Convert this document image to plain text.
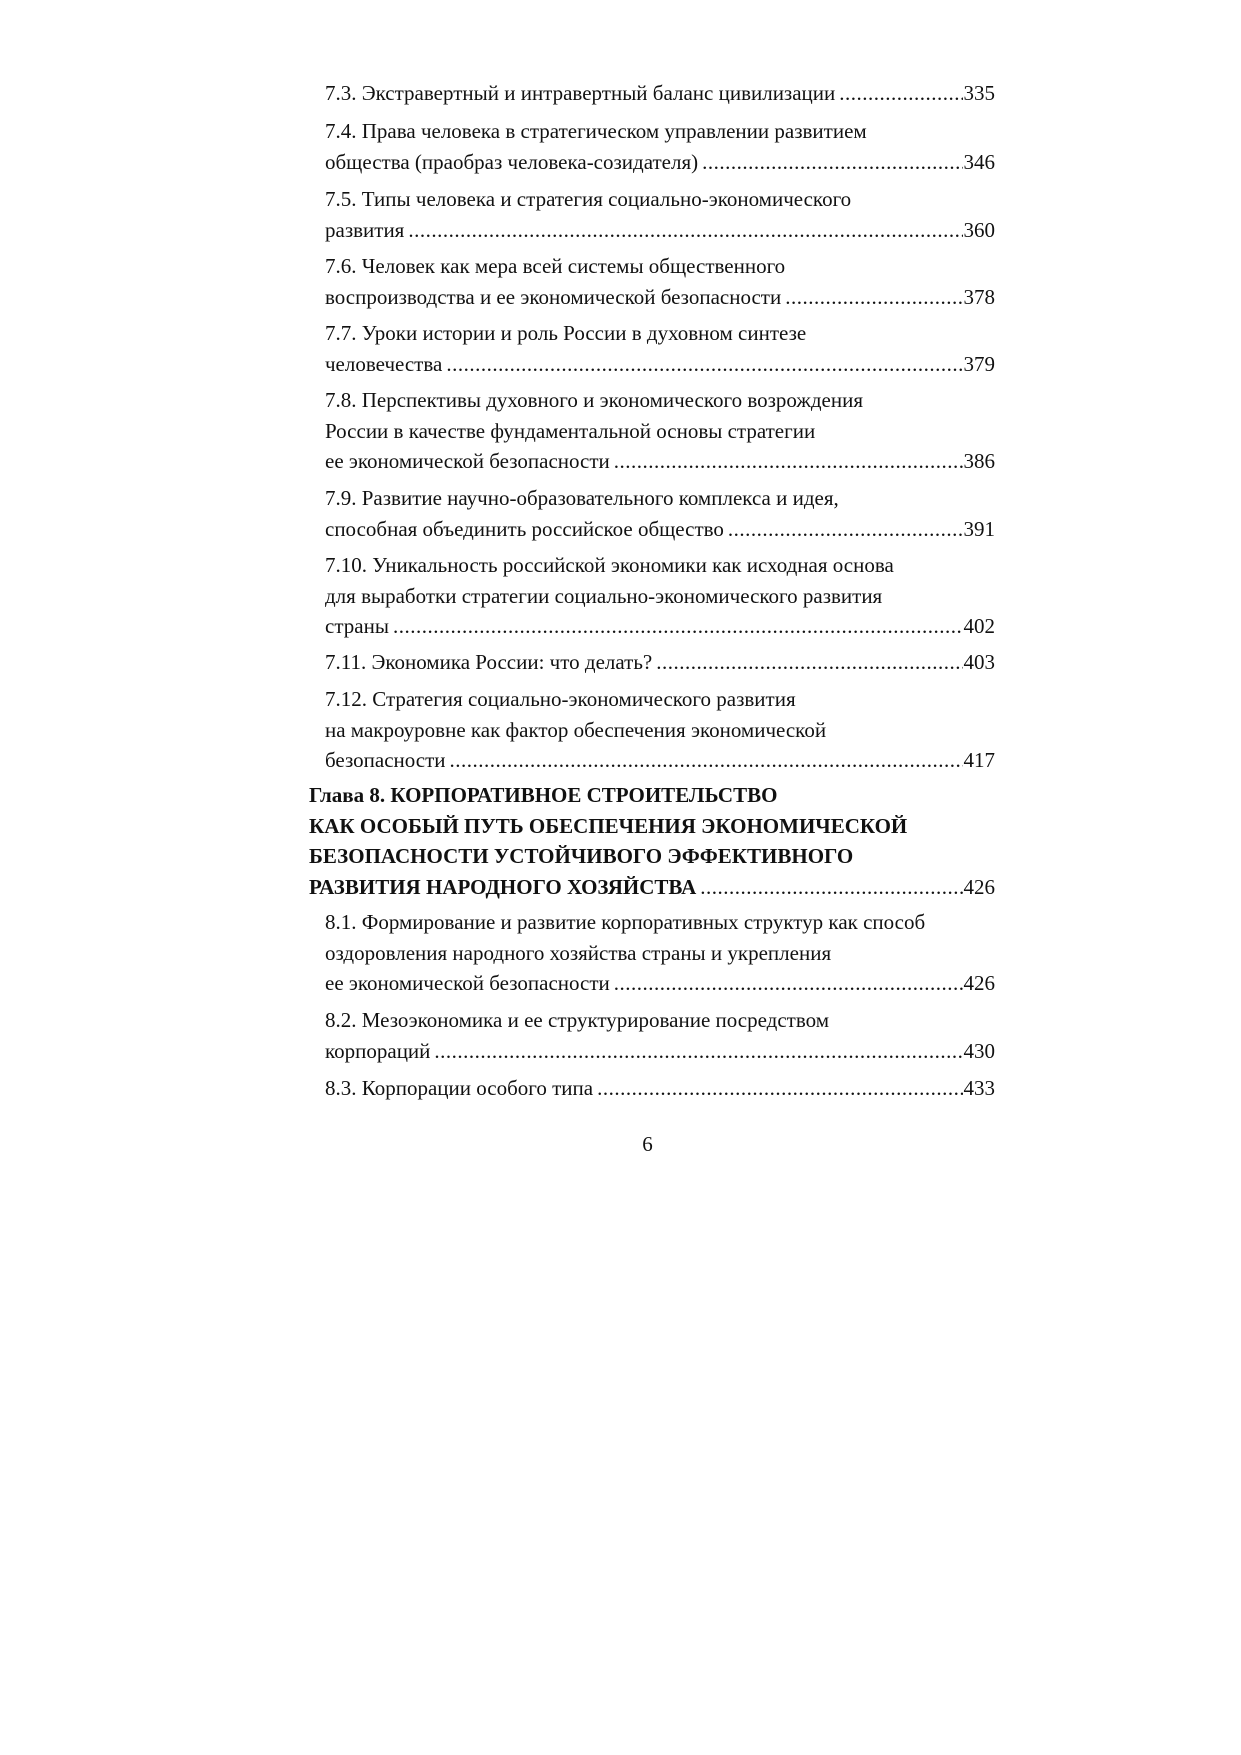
7.3. Экстравертный и интравертный баланс цивилизации .....	335
7.4. Права человека в стратегическом управлении развитием
общества (праобраз человека-созидателя) .....	346
7.5. Типы человека и стратегия социально-экономического
развития .....	360
7.6. Человек как мера всей системы общественного
воспроизводства и ее экономической безопасности .....	378
7.7. Уроки истории и роль России в духовном синтезе
человечества .....	379
7.8. Перспективы духовного и экономического возрождения
России в качестве фундаментальной основы стратегии
ее экономической безопасности .....	386
7.9. Развитие научно-образовательного комплекса и идея,
способная объединить российское общество .....	391
7.10. Уникальность российской экономики как исходная основа
для выработки стратегии социально-экономического развития
страны .....	402
7.11. Экономика России: что делать? .....	403
7.12. Стратегия социально-экономического развития
на макроуровне как фактор обеспечения экономической
безопасности .....	417
Глава 8. КОРПОРАТИВНОЕ СТРОИТЕЛЬСТВО
КАК ОСОБЫЙ ПУТЬ ОБЕСПЕЧЕНИЯ ЭКОНОМИЧЕСКОЙ
БЕЗОПАСНОСТИ УСТОЙЧИВОГО ЭФФЕКТИВНОГО
РАЗВИТИЯ НАРОДНОГО ХОЗЯЙСТВА .....	426
8.1. Формирование и развитие корпоративных структур как способ
оздоровления народного хозяйства страны и укрепления
ее экономической безопасности .....	426
8.2. Мезоэкономика и ее структурирование посредством
корпораций .....	430
8.3. Корпорации особого типа .....	433
6
